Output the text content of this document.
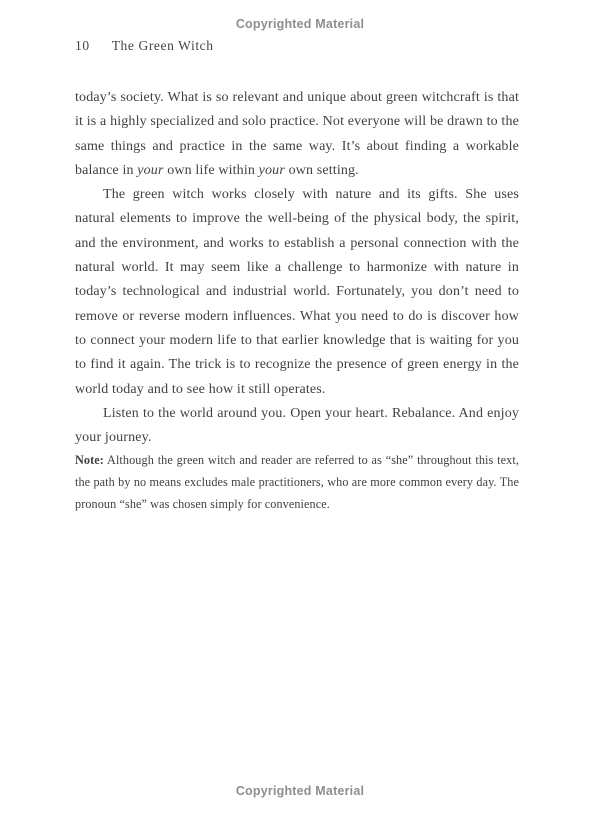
Copyrighted Material
10 The Green Witch

today’s society. What is so relevant and unique about green witchcraft is that it is a highly specialized and solo practice. Not everyone will be drawn to the same things and practice in the same way. It’s about finding a workable balance in your own life within your own setting.

The green witch works closely with nature and its gifts. She uses natural elements to improve the well-being of the physical body, the spirit, and the environment, and works to establish a personal connection with the natural world. It may seem like a challenge to harmonize with nature in today’s technological and industrial world. Fortunately, you don’t need to remove or reverse modern influences. What you need to do is discover how to connect your modern life to that earlier knowledge that is waiting for you to find it again. The trick is to recognize the presence of green energy in the world today and to see how it still operates.

Listen to the world around you. Open your heart. Rebalance. And enjoy your journey.

Note: Although the green witch and reader are referred to as “she” throughout this text, the path by no means excludes male practitioners, who are more common every day. The pronoun “she” was chosen simply for convenience.

Copyrighted Material
